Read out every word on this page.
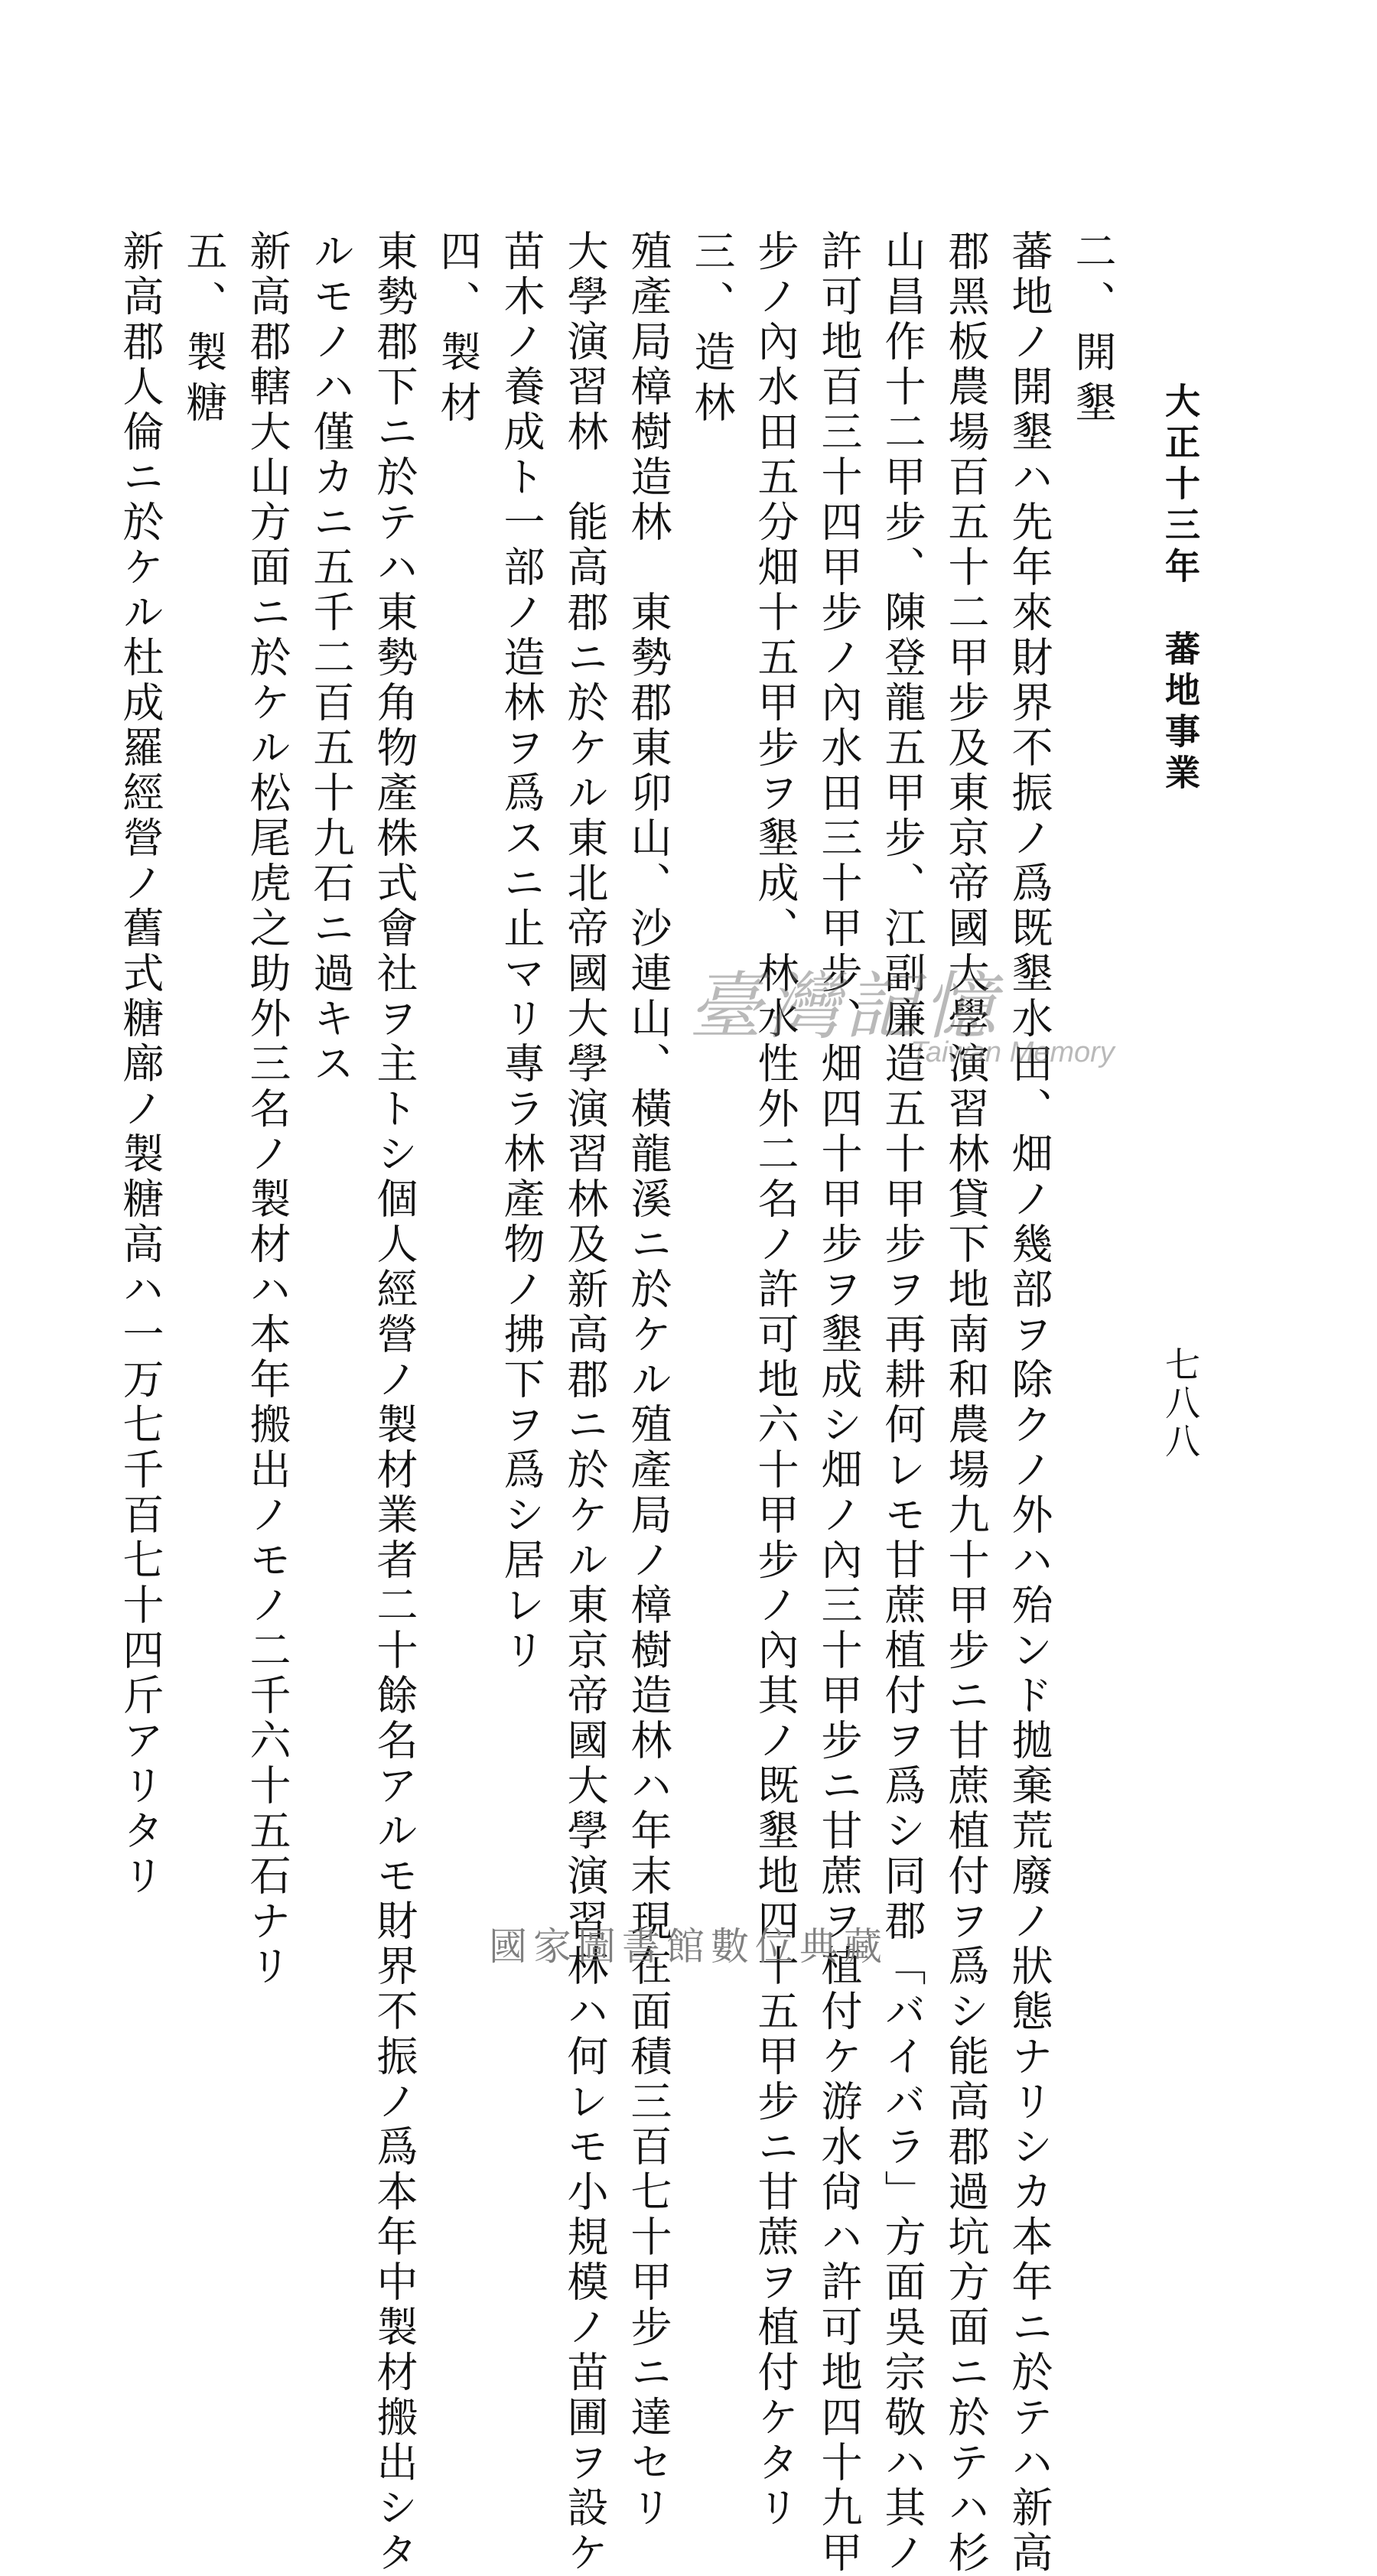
大正十三年　蕃地事業
七八八
二、開墾
蕃地ノ開墾ハ先年來財界不振ノ爲既墾水田、畑ノ幾部ヲ除クノ外ハ殆ンド拋棄荒廢ノ狀態ナリシカ本年ニ於テハ新高
郡黑板農場百五十二甲步及東京帝國大學演習林貸下地南和農場九十甲步ニ甘蔗植付ヲ爲シ能高郡過坑方面ニ於テハ杉
山昌作十二甲步、陳登龍五甲步、江副廉造五十甲步ヲ再耕何レモ甘蔗植付ヲ爲シ同郡「バイバラ」方面吳宗敬ハ其ノ
許可地百三十四甲步ノ內水田三十甲步、畑四十甲步ヲ墾成シ畑ノ內三十甲步ニ甘蔗ヲ植付ケ游水尙ハ許可地四十九甲
步ノ內水田五分畑十五甲步ヲ墾成、林水性外二名ノ許可地六十甲步ノ內其ノ既墾地四十五甲步ニ甘蔗ヲ植付ケタリ
三、造林
殖產局樟樹造林　東勢郡東卯山、沙連山、橫龍溪ニ於ケル殖產局ノ樟樹造林ハ年末現在面積三百七十甲步ニ達セリ
大學演習林　能高郡ニ於ケル東北帝國大學演習林及新高郡ニ於ケル東京帝國大學演習林ハ何レモ小規模ノ苗圃ヲ設ケ
苗木ノ養成ト一部ノ造林ヲ爲スニ止マリ專ラ林產物ノ拂下ヲ爲シ居レリ
四、製材
東勢郡下ニ於テハ東勢角物產株式會社ヲ主トシ個人經營ノ製材業者二十餘名アルモ財界不振ノ爲本年中製材搬出シタ
ルモノハ僅カニ五千二百五十九石ニ過キス
新高郡轄大山方面ニ於ケル松尾虎之助外三名ノ製材ハ本年搬出ノモノ二千六十五石ナリ
五、製糖
新高郡人倫ニ於ケル杜成羅經營ノ舊式糖廍ノ製糖高ハ一万七千百七十四斤アリタリ	臺灣記憶
Taiwan Memory
國家圖書館數位典藏
